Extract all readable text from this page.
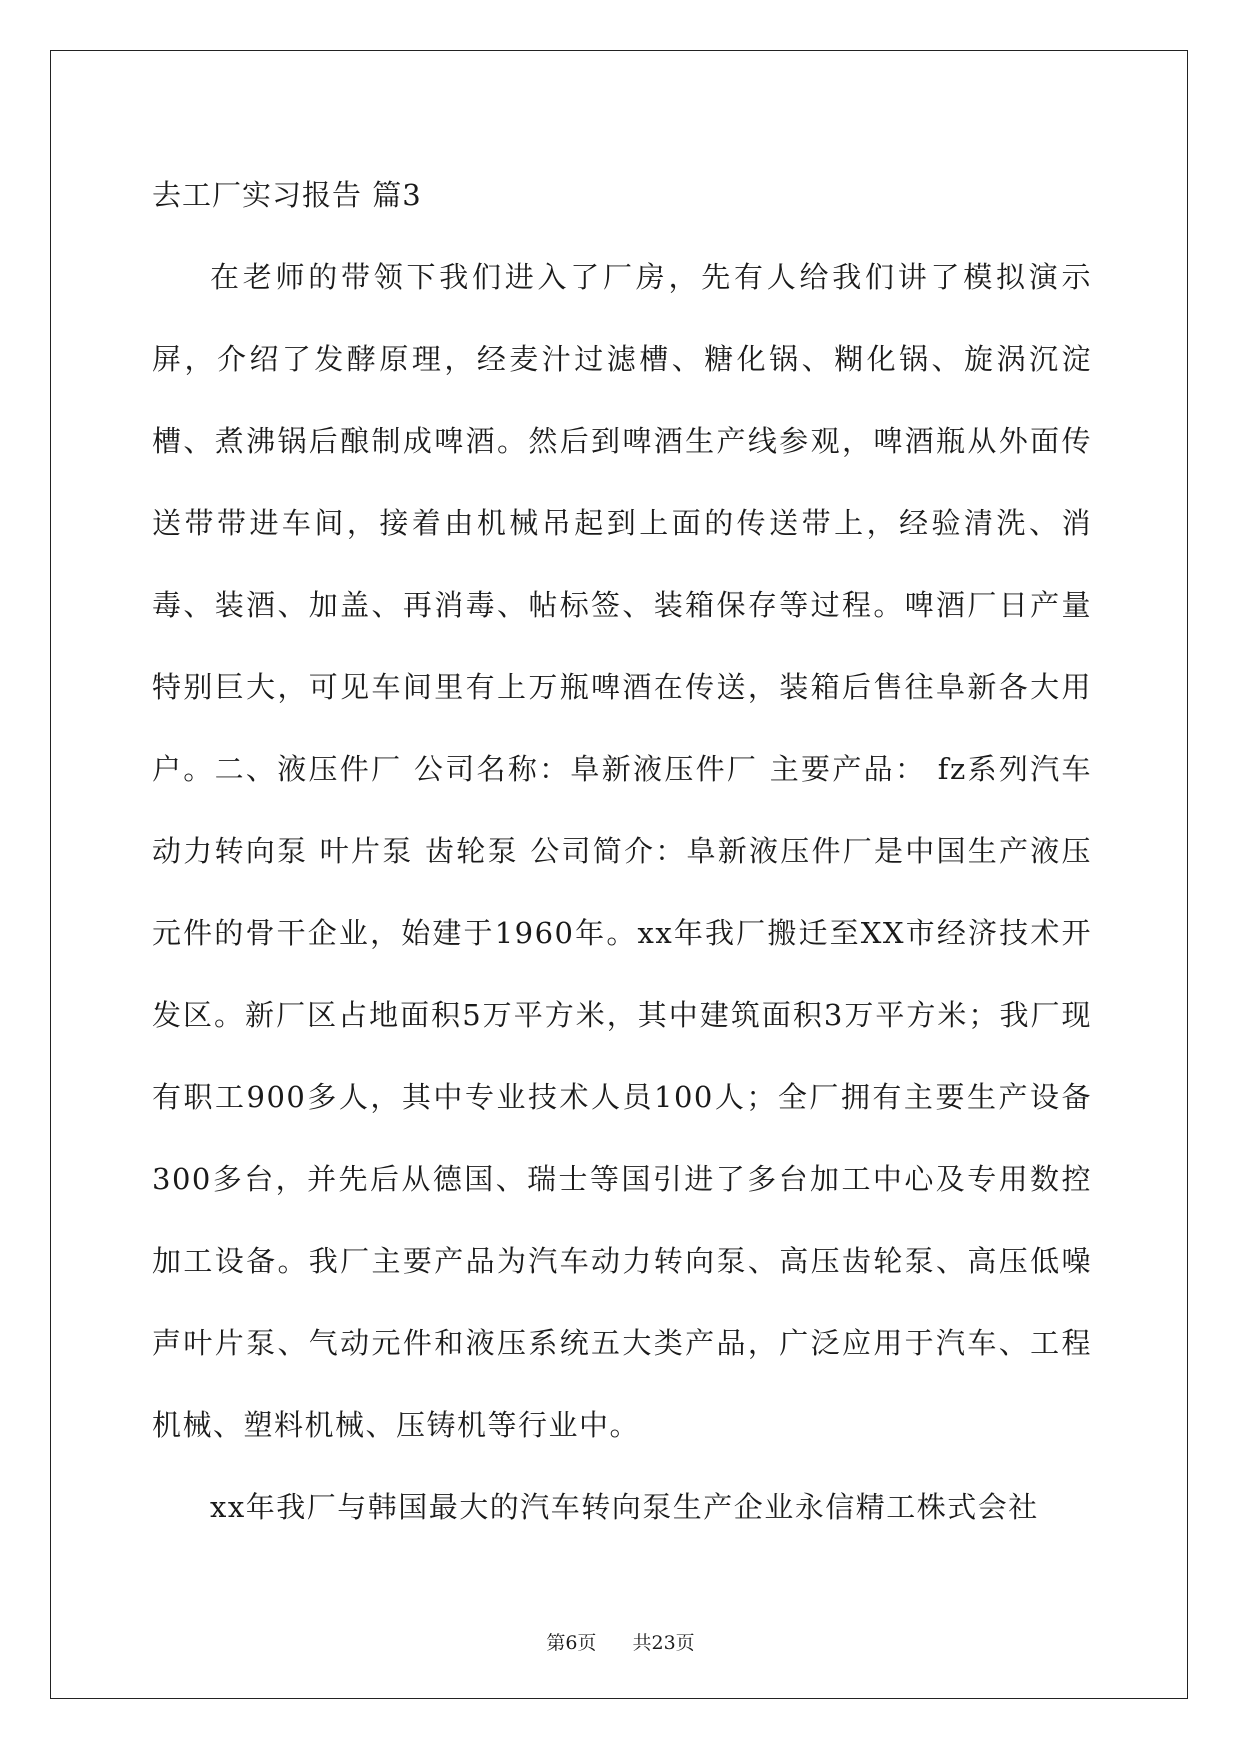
去工厂实习报告 篇3

在老师的带领下我们进入了厂房，先有人给我们讲了模拟演示屏，介绍了发酵原理，经麦汁过滤槽、糖化锅、糊化锅、旋涡沉淀槽、煮沸锅后酿制成啤酒。然后到啤酒生产线参观，啤酒瓶从外面传送带带进车间，接着由机械吊起到上面的传送带上，经验清洗、消毒、装酒、加盖、再消毒、帖标签、装箱保存等过程。啤酒厂日产量特别巨大，可见车间里有上万瓶啤酒在传送，装箱后售往阜新各大用户。二、液压件厂 公司名称：阜新液压件厂 主要产品： fz系列汽车动力转向泵 叶片泵 齿轮泵 公司简介：阜新液压件厂是中国生产液压元件的骨干企业，始建于1960年。xx年我厂搬迁至XX市经济技术开发区。新厂区占地面积5万平方米，其中建筑面积3万平方米；我厂现有职工900多人，其中专业技术人员100人；全厂拥有主要生产设备300多台，并先后从德国、瑞士等国引进了多台加工中心及专用数控加工设备。我厂主要产品为汽车动力转向泵、高压齿轮泵、高压低噪声叶片泵、气动元件和液压系统五大类产品，广泛应用于汽车、工程机械、塑料机械、压铸机等行业中。

xx年我厂与韩国最大的汽车转向泵生产企业永信精工株式会社

第6页 共23页
